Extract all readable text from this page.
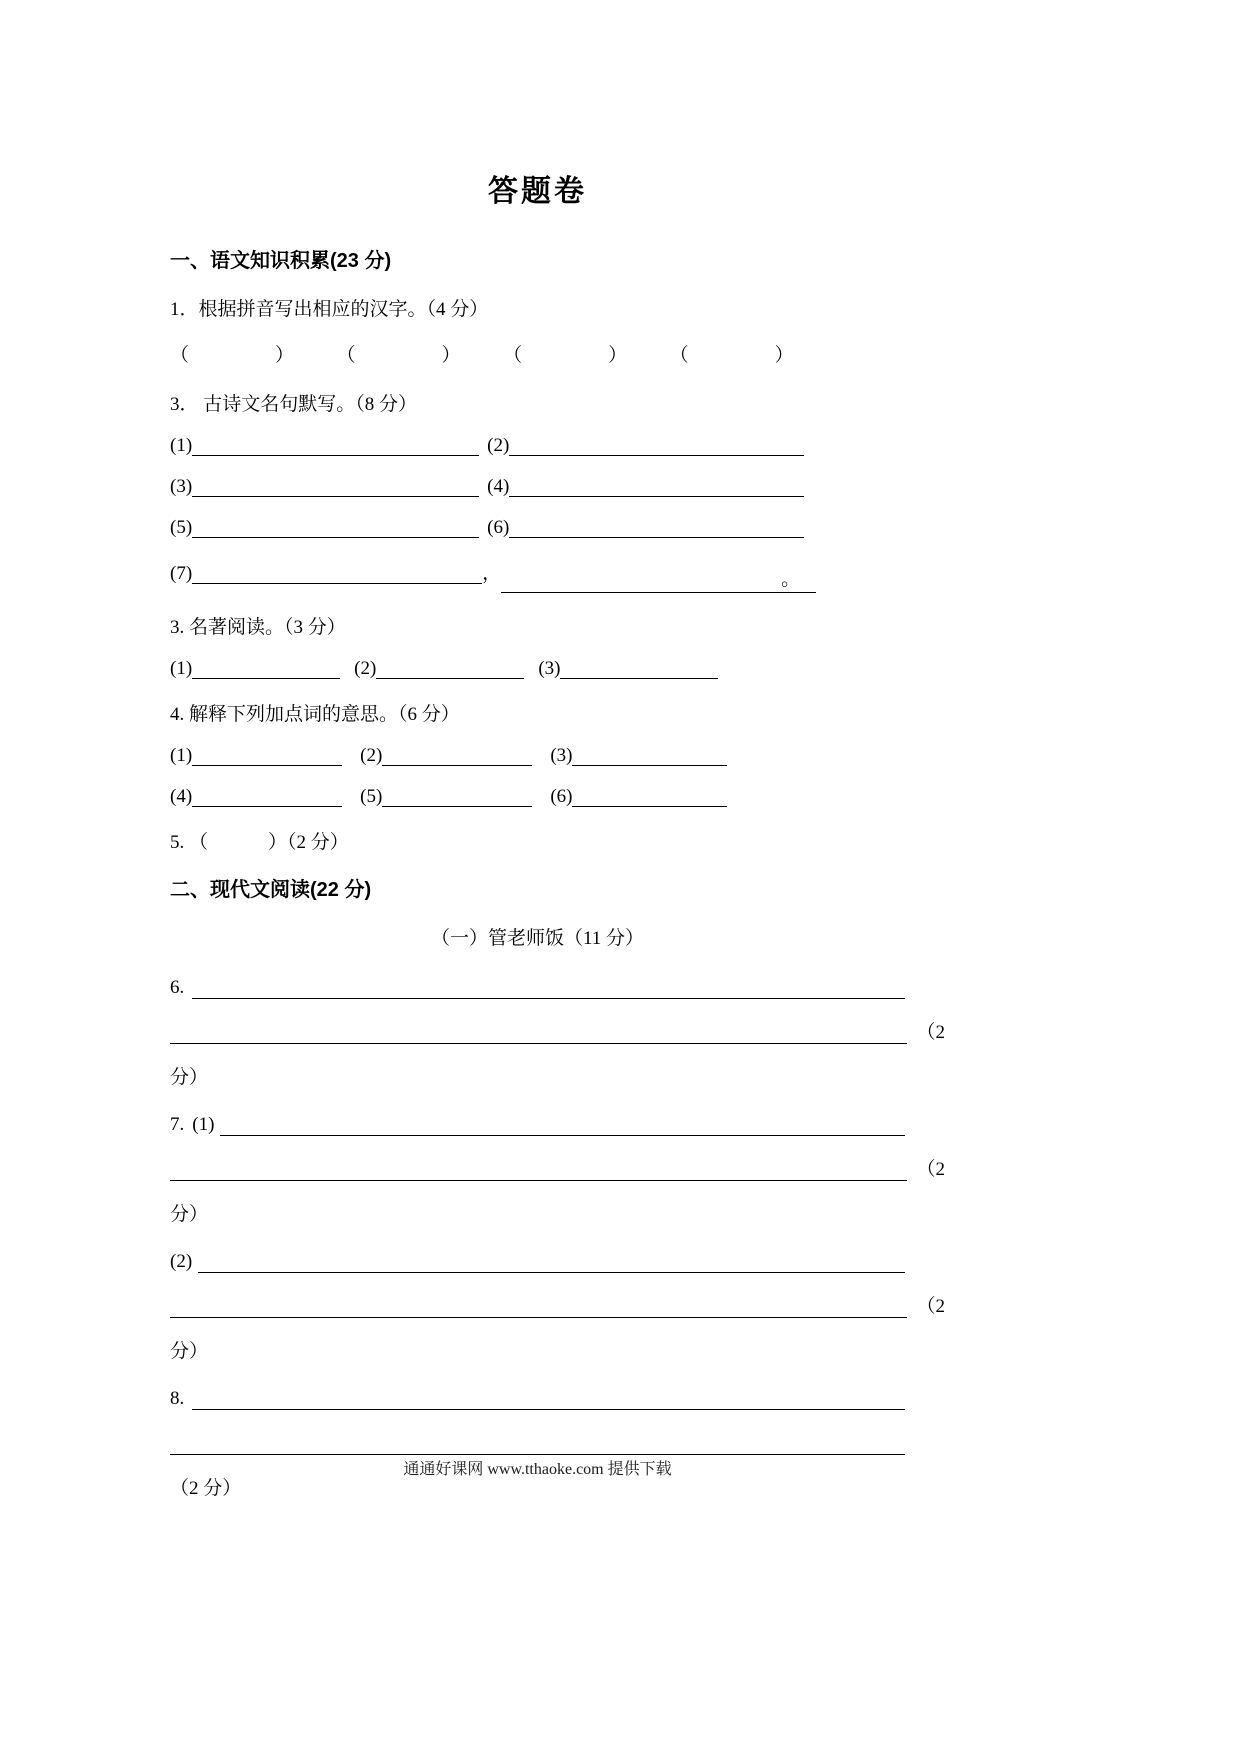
答题卷
一、语文知识积累(23 分)
1．根据拼音写出相应的汉字。（4 分）
（	）	（	）	（	）	（	）
3． 古诗文名句默写。（8 分）
(1)	(2)
(3)	(4)
(5)	(6)
(7)	，	。
3. 名著阅读。（3 分）
(1)	(2)	(3)
4. 解释下列加点词的意思。（6 分）
(1)	(2)	(3)
(4)	(5)	(6)
5. （	）（2 分）
二、现代文阅读(22 分)
（一）管老师饭（11 分）
6.
（2
分）
7. (1)
（2
分）
(2)
（2
分）
8.
（2 分）
通通好课网 www.tthaoke.com 提供下载
